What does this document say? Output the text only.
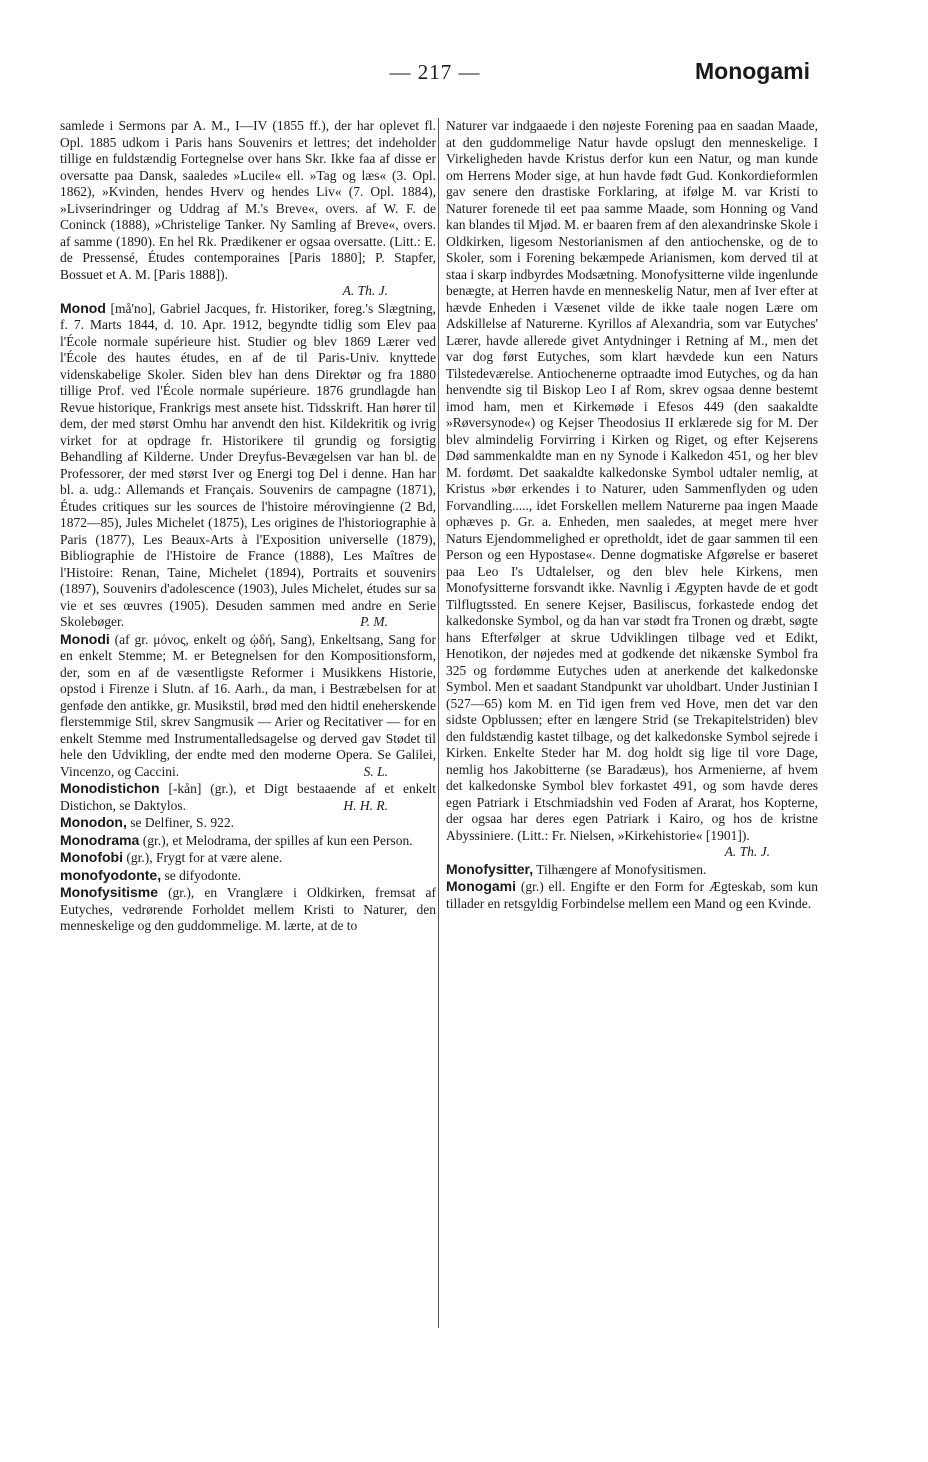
— 217 —	Monogami

samlede i Sermons par A. M., I—IV (1855 ff.), der har oplevet fl. Opl. 1885 udkom i Paris hans Souvenirs et lettres; det indeholder tillige en fuldstændig Fortegnelse over hans Skr. Ikke faa af disse er oversatte paa Dansk, saaledes »Lucile« ell. »Tag og læs« (3. Opl. 1862), »Kvinden, hendes Hverv og hendes Liv« (7. Opl. 1884), »Livserindringer og Uddrag af M.'s Breve«, overs. af W. F. de Coninck (1888), »Christelige Tanker. Ny Samling af Breve«, overs. af samme (1890). En hel Rk. Prædikener er ogsaa oversatte. (Litt.: E. de Pressensé, Études contemporaines [Paris 1880]; P. Stapfer, Bossuet et A. M. [Paris 1888]).
A. Th. J.

Monod [må'no], Gabriel Jacques, fr. Historiker, foreg.'s Slægtning, f. 7. Marts 1844, d. 10. Apr. 1912, begyndte tidlig som Elev paa l'École normale supérieure hist. Studier og blev 1869 Lærer ved l'École des hautes études, en af de til Paris-Univ. knyttede videnskabelige Skoler. Siden blev han dens Direktør og fra 1880 tillige Prof. ved l'École normale supérieure. 1876 grundlagde han Revue historique, Frankrigs mest ansete hist. Tidsskrift. Han hører til dem, der med størst Omhu har anvendt den hist. Kildekritik og ivrig virket for at opdrage fr. Historikere til grundig og forsigtig Behandling af Kilderne. Under Dreyfus-Bevægelsen var han bl. de Professorer, der med størst Iver og Energi tog Del i denne. Han har bl. a. udg.: Allemands et Français. Souvenirs de campagne (1871), Études critiques sur les sources de l'histoire mérovingienne (2 Bd, 1872—85), Jules Michelet (1875), Les origines de l'historiographie à Paris (1877), Les Beaux-Arts à l'Exposition universelle (1879), Bibliographie de l'Histoire de France (1888), Les Maîtres de l'Histoire: Renan, Taine, Michelet (1894), Portraits et souvenirs (1897), Souvenirs d'adolescence (1903), Jules Michelet, études sur sa vie et ses œuvres (1905). Desuden sammen med andre en Serie Skolebøger.	P. M.

Monodi (af gr. μόνος, enkelt og ᾠδή, Sang), Enkeltsang, Sang for en enkelt Stemme; M. er Betegnelsen for den Kompositionsform, der, som en af de væsentligste Reformer i Musikkens Historie, opstod i Firenze i Slutn. af 16. Aarh., da man, i Bestræbelsen for at genføde den antikke, gr. Musikstil, brød med den hidtil eneherskende flerstemmige Stil, skrev Sangmusik — Arier og Recitativer — for en enkelt Stemme med Instrumentalledsagelse og derved gav Stødet til hele den Udvikling, der endte med den moderne Opera. Se Galilei, Vincenzo, og Caccini.	S. L.

Monodistichon [-kån] (gr.), et Digt bestaaende af et enkelt Distichon, se Daktylos.	H. H. R.

Monodon, se Delfiner, S. 922.

Monodrama (gr.), et Melodrama, der spilles af kun een Person.

Monofobi (gr.), Frygt for at være alene.

monofyodonte, se difyodonte.

Monofysitisme (gr.), en Vranglære i Oldkirken, fremsat af Eutyches, vedrørende Forholdet mellem Kristi to Naturer, den menneskelige og den guddommelige. M. lærte, at de to

Naturer var indgaaede i den nøjeste Forening paa en saadan Maade, at den guddommelige Natur havde opslugt den menneskelige. I Virkeligheden havde Kristus derfor kun een Natur, og man kunde om Herrens Moder sige, at hun havde født Gud. Konkordieformlen gav senere den drastiske Forklaring, at ifølge M. var Kristi to Naturer forenede til eet paa samme Maade, som Honning og Vand kan blandes til Mjød. M. er baaren frem af den alexandrinske Skole i Oldkirken, ligesom Nestorianismen af den antiochenske, og de to Skoler, som i Forening bekæmpede Arianismen, kom derved til at staa i skarp indbyrdes Modsætning. Monofysitterne vilde ingenlunde benægte, at Herren havde en menneskelig Natur, men af Iver efter at hævde Enheden i Væsenet vilde de ikke taale nogen Lære om Adskillelse af Naturerne. Kyrillos af Alexandria, som var Eutyches' Lærer, havde allerede givet Antydninger i Retning af M., men det var dog først Eutyches, som klart hævdede kun een Naturs Tilstedeværelse. Antiochenerne optraadte imod Eutyches, og da han henvendte sig til Biskop Leo I af Rom, skrev ogsaa denne bestemt imod ham, men et Kirkemøde i Efesos 449 (den saakaldte »Røversynode«) og Kejser Theodosius II erklærede sig for M. Der blev almindelig Forvirring i Kirken og Riget, og efter Kejserens Død sammenkaldte man en ny Synode i Kalkedon 451, og her blev M. fordømt. Det saakaldte kalkedonske Symbol udtaler nemlig, at Kristus »bør erkendes i to Naturer, uden Sammenflyden og uden Forvandling....., idet Forskellen mellem Naturerne paa ingen Maade ophæves p. Gr. a. Enheden, men saaledes, at meget mere hver Naturs Ejendommelighed er opretholdt, idet de gaar sammen til een Person og een Hypostase«. Denne dogmatiske Afgørelse er baseret paa Leo I's Udtalelser, og den blev hele Kirkens, men Monofysitterne forsvandt ikke. Navnlig i Ægypten havde de et godt Tilflugtssted. En senere Kejser, Basiliscus, forkastede endog det kalkedonske Symbol, og da han var stødt fra Tronen og dræbt, søgte hans Efterfølger at skrue Udviklingen tilbage ved et Edikt, Henotikon, der nøjedes med at godkende det nikænske Symbol fra 325 og fordømme Eutyches uden at anerkende det kalkedonske Symbol. Men et saadant Standpunkt var uholdbart. Under Justinian I (527—65) kom M. en Tid igen frem ved Hove, men det var den sidste Opblussen; efter en længere Strid (se Trekapitelstriden) blev den fuldstændig kastet tilbage, og det kalkedonske Symbol sejrede i Kirken. Enkelte Steder har M. dog holdt sig lige til vore Dage, nemlig hos Jakobitterne (se Baradæus), hos Armenierne, af hvem det kalkedonske Symbol blev forkastet 491, og som havde deres egen Patriark i Etschmiadshin ved Foden af Ararat, hos Kopterne, der ogsaa har deres egen Patriark i Kairo, og hos de kristne Abyssiniere. (Litt.: Fr. Nielsen, »Kirkehistorie« [1901]).
A. Th. J.

Monofysitter, Tilhængere af Monofysitismen.

Monogami (gr.) ell. Engifte er den Form for Ægteskab, som kun tillader en retsgyldig Forbindelse mellem een Mand og een Kvinde.
